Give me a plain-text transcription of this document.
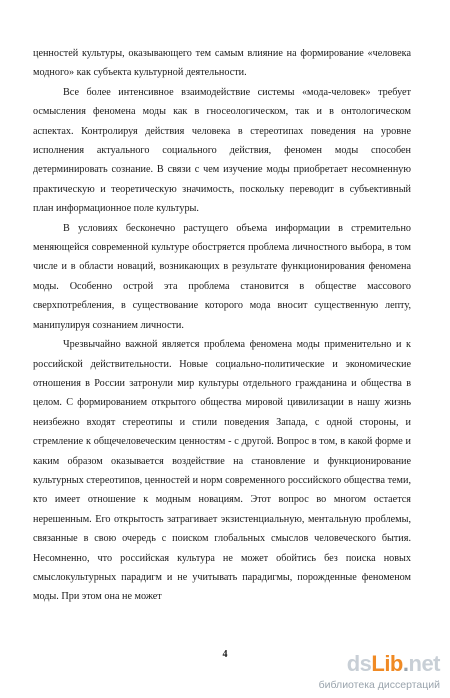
ценностей культуры, оказывающего тем самым влияние на формирование «человека модного» как субъекта культурной деятельности.

Все более интенсивное взаимодействие системы «мода-человек» требует осмысления феномена моды как в гносеологическом, так и в онтологическом аспектах. Контролируя действия человека в стереотипах поведения на уровне исполнения актуального социального действия, феномен моды способен детерминировать сознание. В связи с чем изучение моды приобретает несомненную практическую и теоретическую значимость, поскольку переводит в субъективный план информационное поле культуры.

В условиях бесконечно растущего объема информации в стремительно меняющейся современной культуре обостряется проблема личностного выбора, в том числе и в области новаций, возникающих в результате функционирования феномена моды. Особенно острой эта проблема становится в обществе массового сверхпотребления, в существование которого мода вносит существенную лепту, манипулируя сознанием личности.

Чрезвычайно важной является проблема феномена моды применительно и к российской действительности. Новые социально-политические и экономические отношения в России затронули мир культуры отдельного гражданина и общества в целом. С формированием открытого общества мировой цивилизации в нашу жизнь неизбежно входят стереотипы и стили поведения Запада, с одной стороны, и стремление к общечеловеческим ценностям - с другой. Вопрос в том, в какой форме и каким образом оказывается воздействие на становление и функционирование культурных стереотипов, ценностей и норм современного российского общества теми, кто имеет отношение к модным новациям. Этот вопрос во многом остается нерешенным. Его открытость затрагивает экзистенциальную, ментальную проблемы, связанные в свою очередь с поиском глобальных смыслов человеческого бытия. Несомненно, что российская культура не может обойтись без поиска новых смыслокультурных парадигм и не учитывать парадигмы, порожденные феноменом моды. При этом она не может

4	ds Lib . net
библиотека диссертаций
